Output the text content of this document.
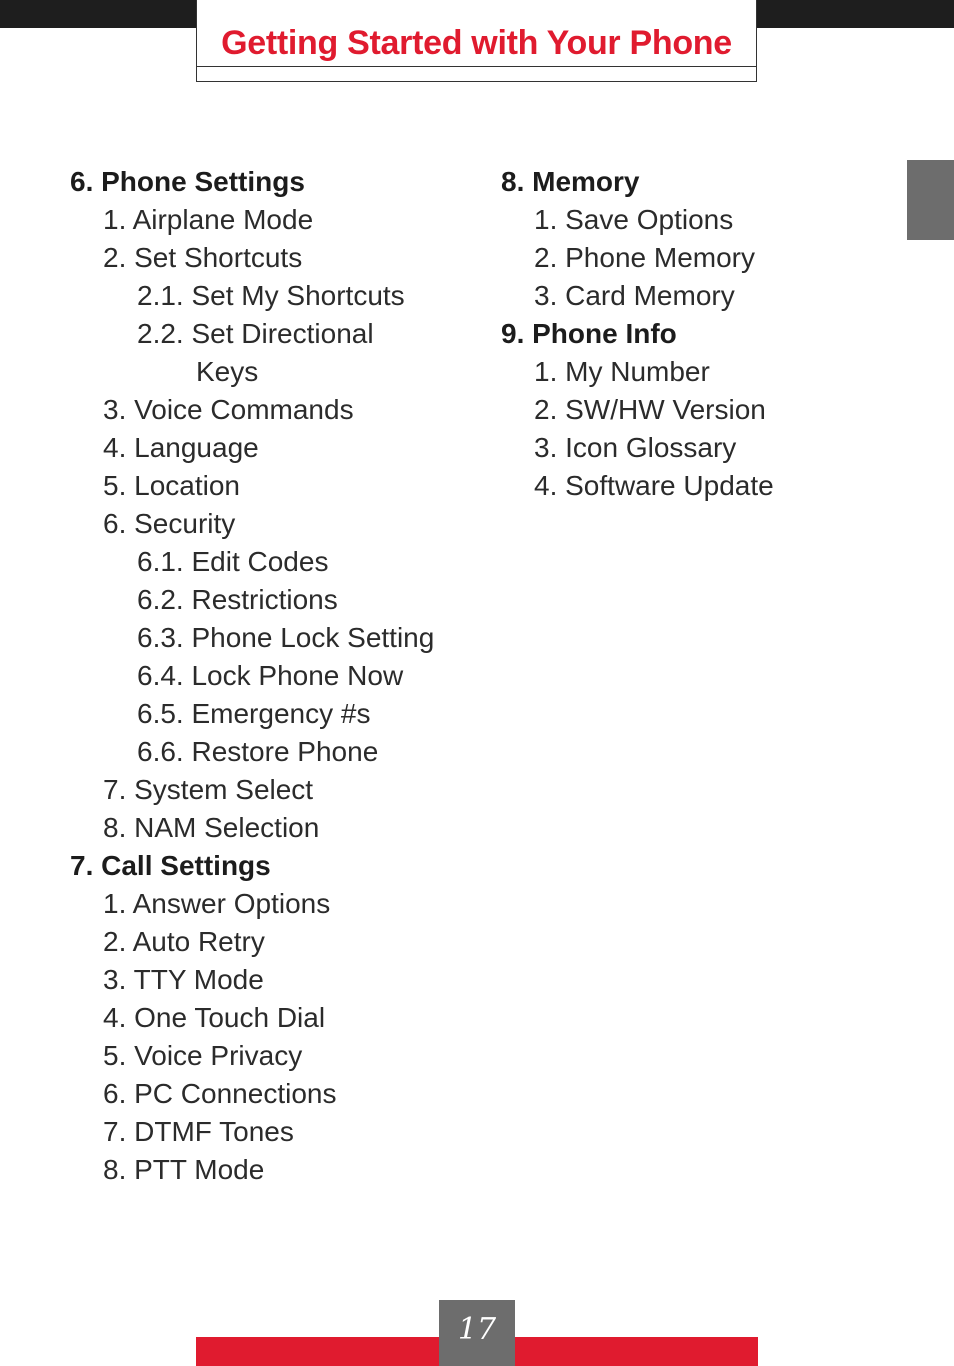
Getting Started with Your Phone
6. Phone Settings
1. Airplane Mode
2. Set Shortcuts
2.1. Set My Shortcuts
2.2. Set Directional
Keys
3. Voice Commands
4. Language
5. Location
6. Security
6.1. Edit Codes
6.2. Restrictions
6.3. Phone Lock Setting
6.4. Lock Phone Now
6.5. Emergency #s
6.6. Restore Phone
7. System Select
8. NAM Selection
7. Call Settings
1. Answer Options
2. Auto Retry
3. TTY Mode
4. One Touch Dial
5. Voice Privacy
6. PC Connections
7. DTMF Tones
8. PTT Mode
8. Memory
1. Save Options
2. Phone Memory
3. Card Memory
9. Phone Info
1. My Number
2. SW/HW Version
3. Icon Glossary
4. Software Update
17
